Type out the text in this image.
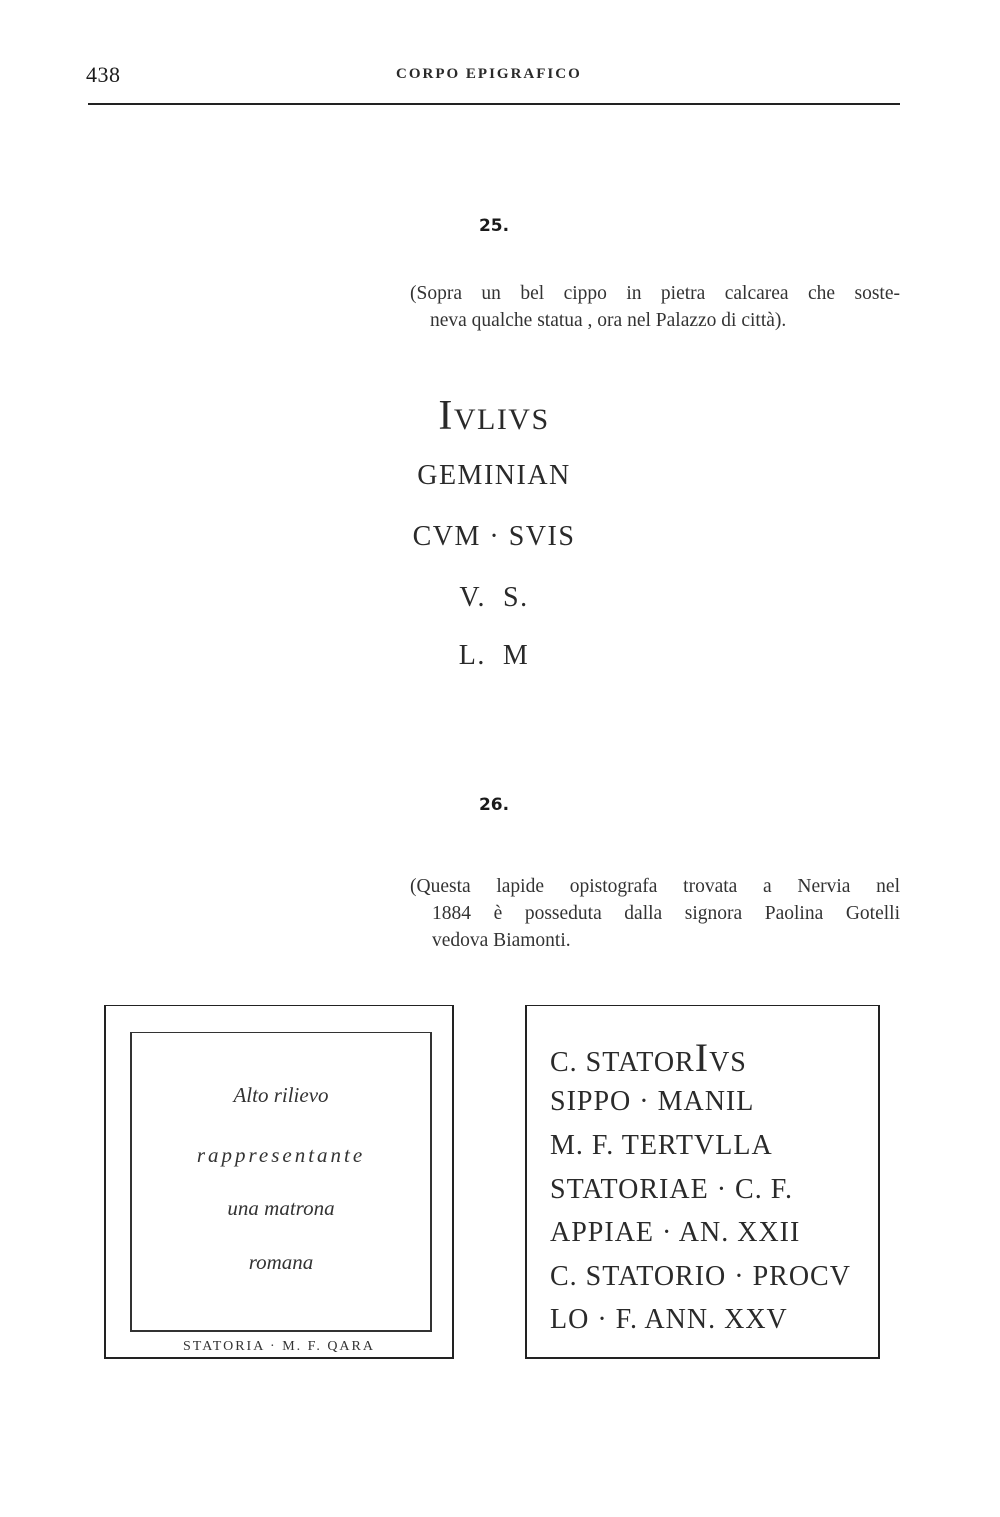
438	CORPO EPIGRAFICO
25.
(Sopra un bel cippo in pietra calcarea che soste-
neva qualche statua , ora nel Palazzo di città).
IVLIVS
GEMINIAN
CVM · SVIS
V.  S.
L.  M
26.
(Questa lapide opistografa trovata a Nervia nel
1884 è posseduta dalla signora Paolina Gotelli
vedova Biamonti.
Alto rilievo
rappresentante
una matrona
romana
STATORIA · M. F. QARA
C. STATORIVS
SIPPO · MANIL
M. F. TERTVLLA
STATORIAE · C. F.
APPIAE · AN. XXII
C. STATORIO · PROCV
LO · F. ANN. XXV
